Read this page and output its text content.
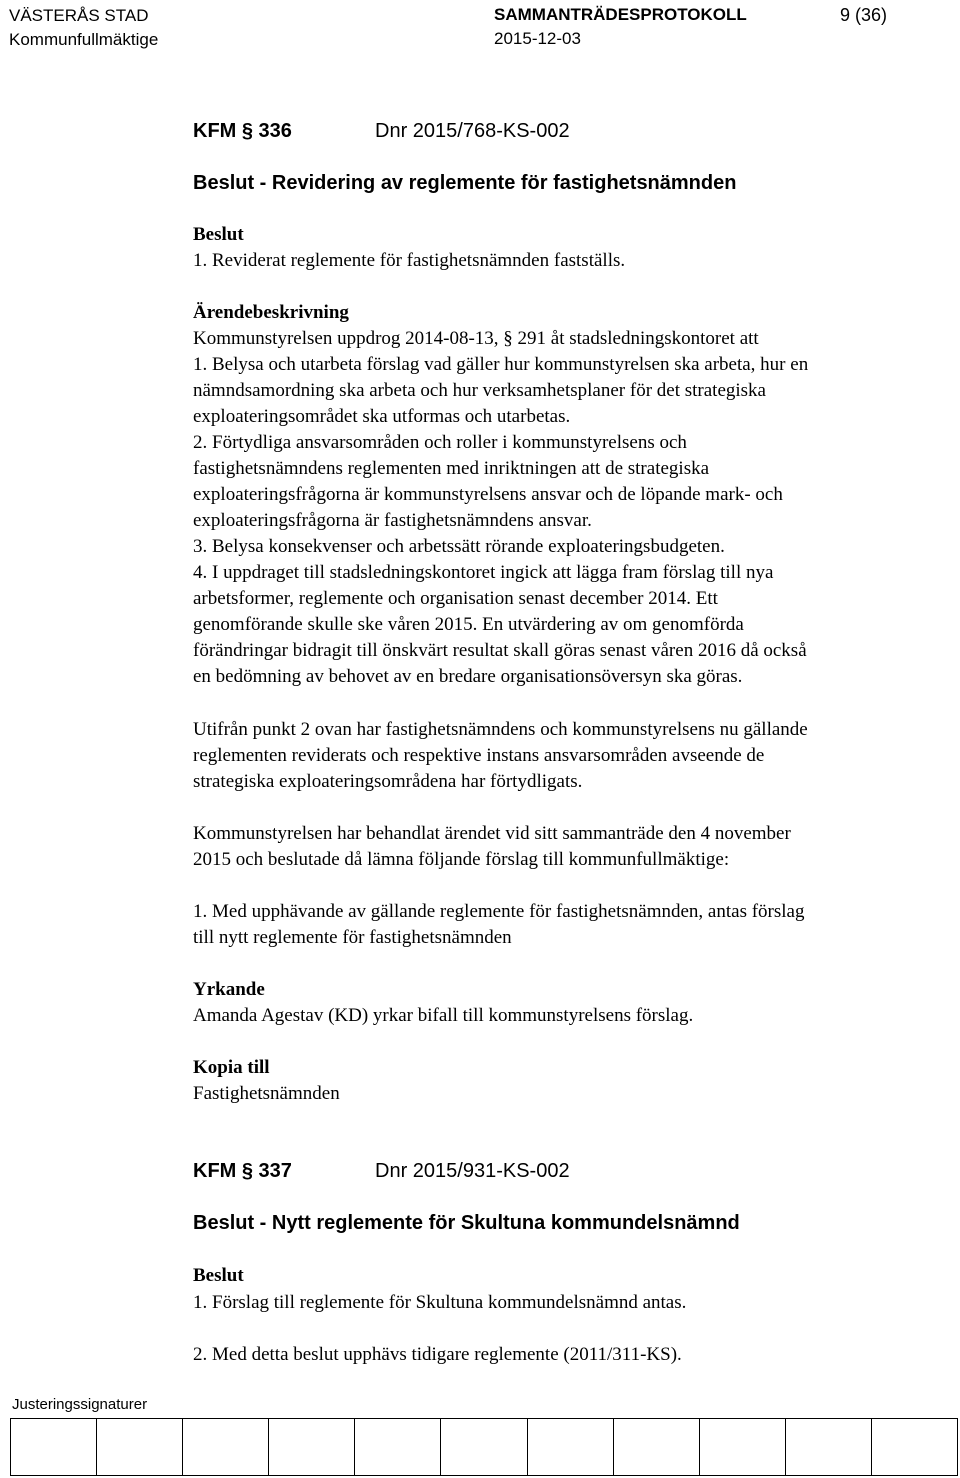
VÄSTERÅS STAD
Kommunfullmäktige
SAMMANTRÄDESPROTOKOLL
2015-12-03
9 (36)
KFM § 336	Dnr 2015/768-KS-002
Beslut - Revidering av reglemente för fastighetsnämnden
Beslut
1. Reviderat reglemente för fastighetsnämnden fastställs.
Ärendebeskrivning
Kommunstyrelsen uppdrog 2014-08-13, § 291 åt stadsledningskontoret att
1. Belysa och utarbeta förslag vad gäller hur kommunstyrelsen ska arbeta, hur en
nämndsamordning ska arbeta och hur verksamhetsplaner för det strategiska
exploateringsområdet ska utformas och utarbetas.
2. Förtydliga ansvarsområden och roller i kommunstyrelsens och
fastighetsnämndens reglementen med inriktningen att de strategiska
exploateringsfrågorna är kommunstyrelsens ansvar och de löpande mark- och
exploateringsfrågorna är fastighetsnämndens ansvar.
3. Belysa konsekvenser och arbetssätt rörande exploateringsbudgeten.
4. I uppdraget till stadsledningskontoret ingick att lägga fram förslag till nya
arbetsformer, reglemente och organisation senast december 2014. Ett
genomförande skulle ske våren 2015. En utvärdering av om genomförda
förändringar bidragit till önskvärt resultat skall göras senast våren 2016 då också
en bedömning av behovet av en bredare organisationsöversyn ska göras.
Utifrån punkt 2 ovan har fastighetsnämndens och kommunstyrelsens nu gällande
reglementen reviderats och respektive instans ansvarsområden avseende de
strategiska exploateringsområdena har förtydligats.
Kommunstyrelsen har behandlat ärendet vid sitt sammanträde den 4 november
2015 och beslutade då lämna följande förslag till kommunfullmäktige:
1. Med upphävande av gällande reglemente för fastighetsnämnden, antas förslag
till nytt reglemente för fastighetsnämnden
Yrkande
Amanda Agestav (KD) yrkar bifall till kommunstyrelsens förslag.
Kopia till
Fastighetsnämnden
KFM § 337	Dnr 2015/931-KS-002
Beslut - Nytt reglemente för Skultuna kommundelsnämnd
Beslut
1. Förslag till reglemente för Skultuna kommundelsnämnd antas.
2. Med detta beslut upphävs tidigare reglemente (2011/311-KS).
Justeringssignaturer
